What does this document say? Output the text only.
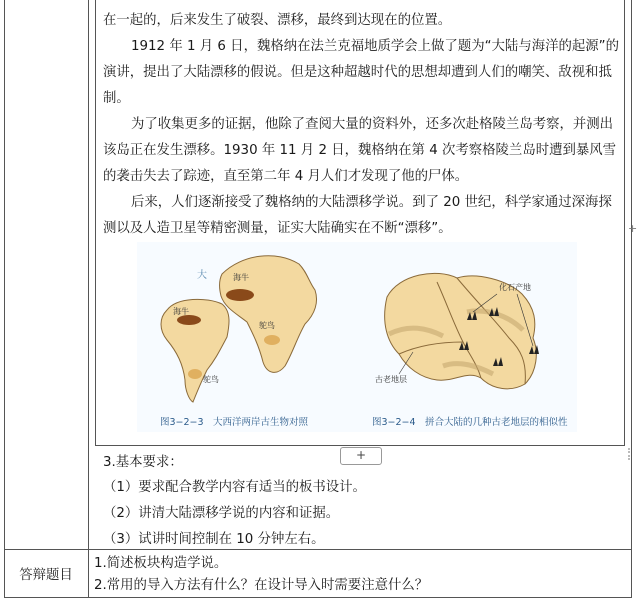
在一起的，后来发生了破裂、漂移，最终到达现在的位置。

1912 年 1 月 6 日，魏格纳在法兰克福地质学会上做了题为“大陆与海洋的起源”的演讲，提出了大陆漂移的假说。但是这种超越时代的思想却遭到人们的嘲笑、敌视和抵制。

为了收集更多的证据，他除了查阅大量的资料外，还多次赴格陵兰岛考察，并测出该岛正在发生漂移。1930 年 11 月 2 日，魏格纳在第 4 次考察格陵兰岛时遭到暴风雪的袭击失去了踪迹，直至第二年 4 月人们才发现了他的尸体。

后来，人们逐渐接受了魏格纳的大陆漂移学说。到了 20 世纪，科学家通过深海探测以及人造卫星等精密测量，证实大陆确实在不断“漂移”。

大	海牛
海牛
鸵鸟
鸵鸟
化石产地
古老地层
图3−2−3　大西洋两岸古生物对照	图3−2−4　拼合大陆的几种古老地层的相似性
+
+

3.基本要求：

（1）要求配合教学内容有适当的板书设计。

（2）讲清大陆漂移学说的内容和证据。

（3）试讲时间控制在 10 分钟左右。

答辩题目

1.简述板块构造学说。

2.常用的导入方法有什么？在设计导入时需要注意什么？
